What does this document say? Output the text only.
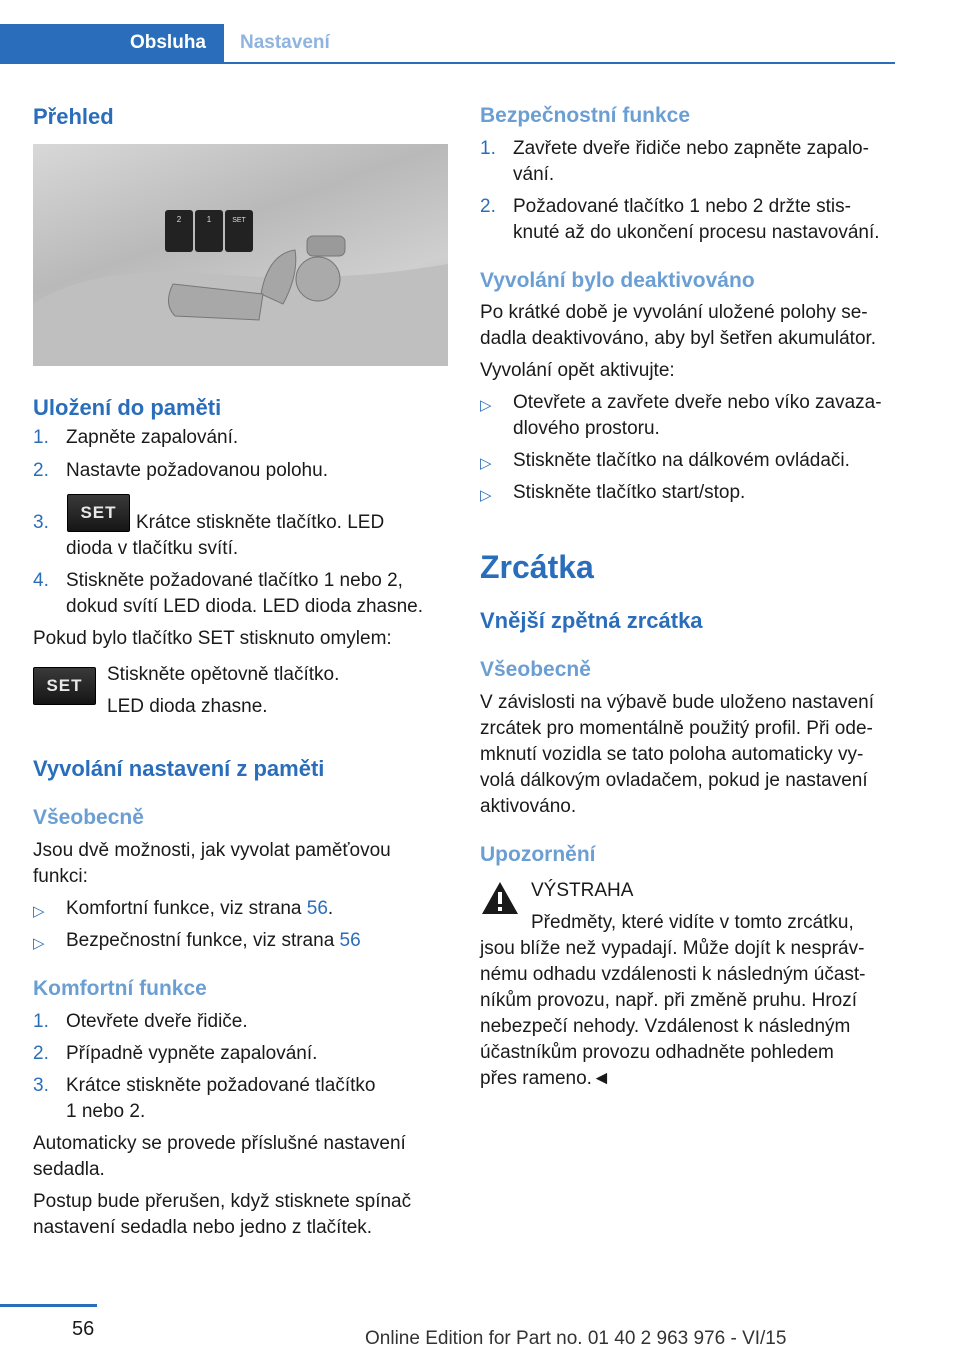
Obsluha	Nastavení
Přehled
2	1	SET
Uložení do paměti
1. Zapněte zapalování.
2. Nastavte požadovanou polohu.
3.	SET	Krátce stiskněte tlačítko. LED
dioda v tlačítku svítí.
4. Stiskněte požadované tlačítko 1 nebo 2,
dokud svítí LED dioda. LED dioda zhasne.
Pokud bylo tlačítko SET stisknuto omylem:
SET
Stiskněte opětovně tlačítko.
LED dioda zhasne.
Vyvolání nastavení z paměti
Všeobecně
Jsou dvě možnosti, jak vyvolat paměťovou
funkci:
▷ Komfortní funkce, viz strana 56.
▷ Bezpečnostní funkce, viz strana 56
Komfortní funkce
1. Otevřete dveře řidiče.
2. Případně vypněte zapalování.
3. Krátce stiskněte požadované tlačítko
1 nebo 2.
Automaticky se provede příslušné nastavení
sedadla.
Postup bude přerušen, když stisknete spínač
nastavení sedadla nebo jedno z tlačítek.
Bezpečnostní funkce
1. Zavřete dveře řidiče nebo zapněte zapalo‐
vání.
2. Požadované tlačítko 1 nebo 2 držte stis‐
knuté až do ukončení procesu nastavování.
Vyvolání bylo deaktivováno
Po krátké době je vyvolání uložené polohy se‐
dadla deaktivováno, aby byl šetřen akumulátor.
Vyvolání opět aktivujte:
▷ Otevřete a zavřete dveře nebo víko zavaza‐
dlového prostoru.
▷ Stiskněte tlačítko na dálkovém ovládači.
▷ Stiskněte tlačítko start/stop.
Zrcátka
Vnější zpětná zrcátka
Všeobecně
V závislosti na výbavě bude uloženo nastavení
zrcátek pro momentálně použitý profil. Při ode‐
mknutí vozidla se tato poloha automaticky vy‐
volá dálkovým ovladačem, pokud je nastavení
aktivováno.
Upozornění
VÝSTRAHA
Předměty, které vidíte v tomto zrcátku,
jsou blíže než vypadají. Může dojít k nespráv‐
nému odhadu vzdálenosti k následným účast‐
níkům provozu, např. při změně pruhu. Hrozí
nebezpečí nehody. Vzdálenost k následným
účastníkům provozu odhadněte pohledem
přes rameno.◄
56	Online Edition for Part no. 01 40 2 963 976 - VI/15
